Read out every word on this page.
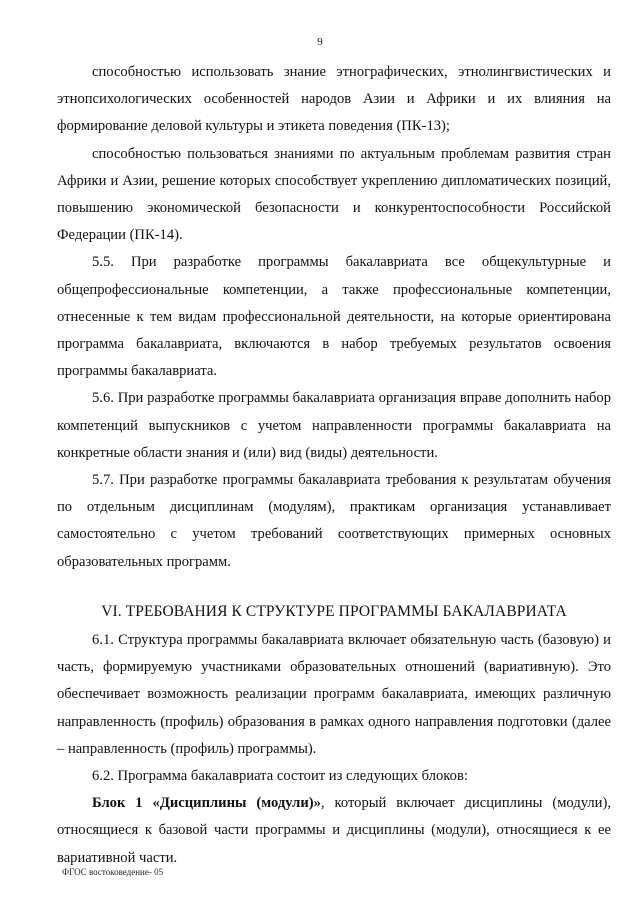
9

способностью использовать знание этнографических, этнолингвистических и этнопсихологических особенностей народов Азии и Африки и их влияния на формирование деловой культуры и этикета поведения (ПК-13);

способностью пользоваться знаниями по актуальным проблемам развития стран Африки и Азии, решение которых способствует укреплению дипломатических позиций, повышению экономической безопасности и конкурентоспособности Российской Федерации (ПК-14).

5.5. При разработке программы бакалавриата все общекультурные и общепрофессиональные компетенции, а также профессиональные компетенции, отнесенные к тем видам профессиональной деятельности, на которые ориентирована программа бакалавриата, включаются в набор требуемых результатов освоения программы бакалавриата.

5.6. При разработке программы бакалавриата организация вправе дополнить набор компетенций выпускников с учетом направленности программы бакалавриата на конкретные области знания и (или) вид (виды) деятельности.

5.7. При разработке программы бакалавриата требования к результатам обучения по отдельным дисциплинам (модулям), практикам организация устанавливает самостоятельно с учетом требований соответствующих примерных основных образовательных программ.

VI. ТРЕБОВАНИЯ К СТРУКТУРЕ ПРОГРАММЫ БАКАЛАВРИАТА

6.1. Структура программы бакалавриата включает обязательную часть (базовую) и часть, формируемую участниками образовательных отношений (вариативную). Это обеспечивает возможность реализации программ бакалавриата, имеющих различную направленность (профиль) образования в рамках одного направления подготовки (далее – направленность (профиль) программы).

6.2. Программа бакалавриата состоит из следующих блоков:

Блок 1 «Дисциплины (модули)», который включает дисциплины (модули), относящиеся к базовой части программы и дисциплины (модули), относящиеся к ее вариативной части.

ФГОС востоковедение- 05
